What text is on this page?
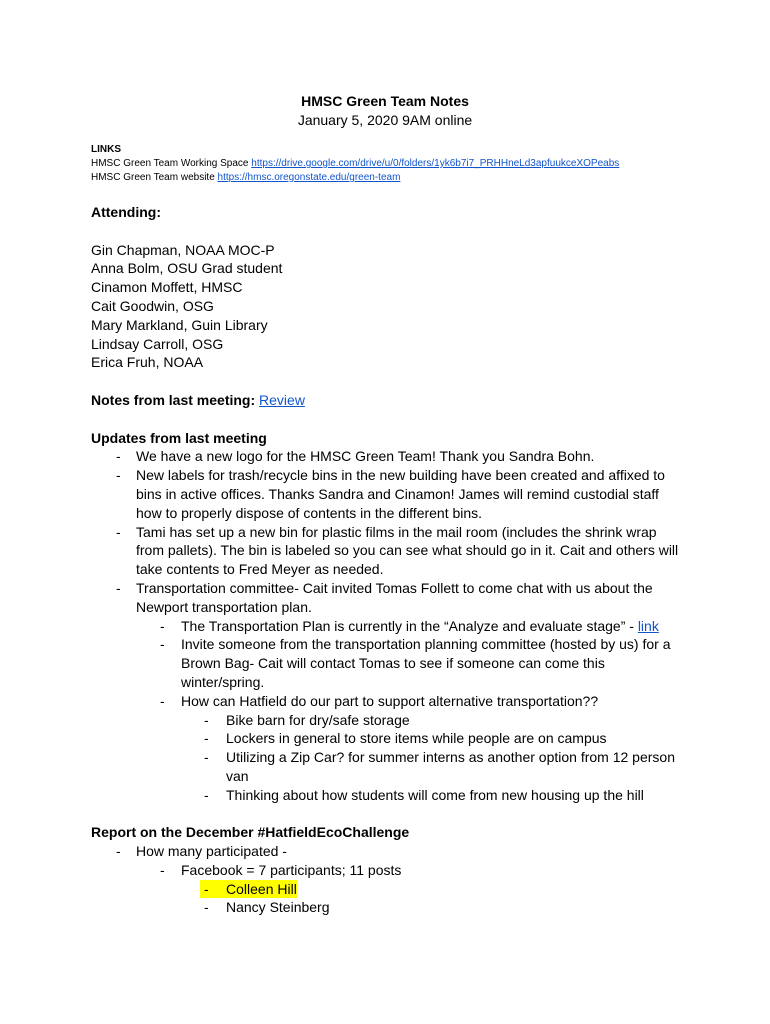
HMSC Green Team Notes
January 5, 2020 9AM online
LINKS
HMSC Green Team Working Space https://drive.google.com/drive/u/0/folders/1yk6b7i7_PRHHneLd3apfuukceXOPeabs
HMSC Green Team website https://hmsc.oregonstate.edu/green-team
Attending:
Gin Chapman, NOAA MOC-P
Anna Bolm, OSU Grad student
Cinamon Moffett, HMSC
Cait Goodwin, OSG
Mary Markland, Guin Library
Lindsay Carroll, OSG
Erica Fruh, NOAA
Notes from last meeting: Review
Updates from last meeting
- We have a new logo for the HMSC Green Team! Thank you Sandra Bohn.
- New labels for trash/recycle bins in the new building have been created and affixed to
bins in active offices. Thanks Sandra and Cinamon! James will remind custodial staff
how to properly dispose of contents in the different bins.
- Tami has set up a new bin for plastic films in the mail room (includes the shrink wrap
from pallets). The bin is labeled so you can see what should go in it. Cait and others will
take contents to Fred Meyer as needed.
- Transportation committee- Cait invited Tomas Follett to come chat with us about the
Newport transportation plan.
- The Transportation Plan is currently in the “Analyze and evaluate stage” - link
- Invite someone from the transportation planning committee (hosted by us) for a
Brown Bag- Cait will contact Tomas to see if someone can come this
winter/spring.
- How can Hatfield do our part to support alternative transportation??
- Bike barn for dry/safe storage
- Lockers in general to store items while people are on campus
- Utilizing a Zip Car? for summer interns as another option from 12 person
van
- Thinking about how students will come from new housing up the hill
Report on the December #HatfieldEcoChallenge
- How many participated -
- Facebook = 7 participants; 11 posts
- Colleen Hill
- Nancy Steinberg
